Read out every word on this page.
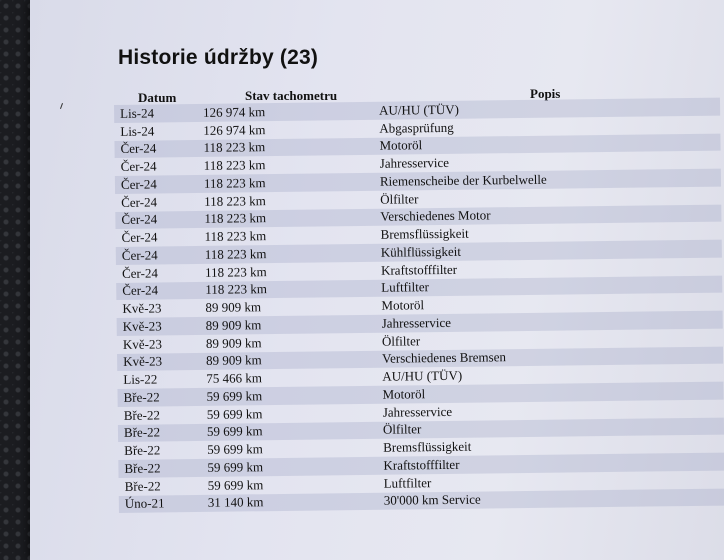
Historie údržby (23)
Datum	Stav tachometru	Popis
Lis-24	126 974 km	AU/HU (TÜV)
Lis-24	126 974 km	Abgasprüfung
Čer-24	118 223 km	Motoröl
Čer-24	118 223 km	Jahresservice
Čer-24	118 223 km	Riemenscheibe der Kurbelwelle
Čer-24	118 223 km	Ölfilter
Čer-24	118 223 km	Verschiedenes Motor
Čer-24	118 223 km	Bremsflüssigkeit
Čer-24	118 223 km	Kühlflüssigkeit
Čer-24	118 223 km	Kraftstofffilter
Čer-24	118 223 km	Luftfilter
Kvě-23	89 909 km	Motoröl
Kvě-23	89 909 km	Jahresservice
Kvě-23	89 909 km	Ölfilter
Kvě-23	89 909 km	Verschiedenes Bremsen
Lis-22	75 466 km	AU/HU (TÜV)
Bře-22	59 699 km	Motoröl
Bře-22	59 699 km	Jahresservice
Bře-22	59 699 km	Ölfilter
Bře-22	59 699 km	Bremsflüssigkeit
Bře-22	59 699 km	Kraftstofffilter
Bře-22	59 699 km	Luftfilter
Úno-21	31 140 km	30'000 km Service
